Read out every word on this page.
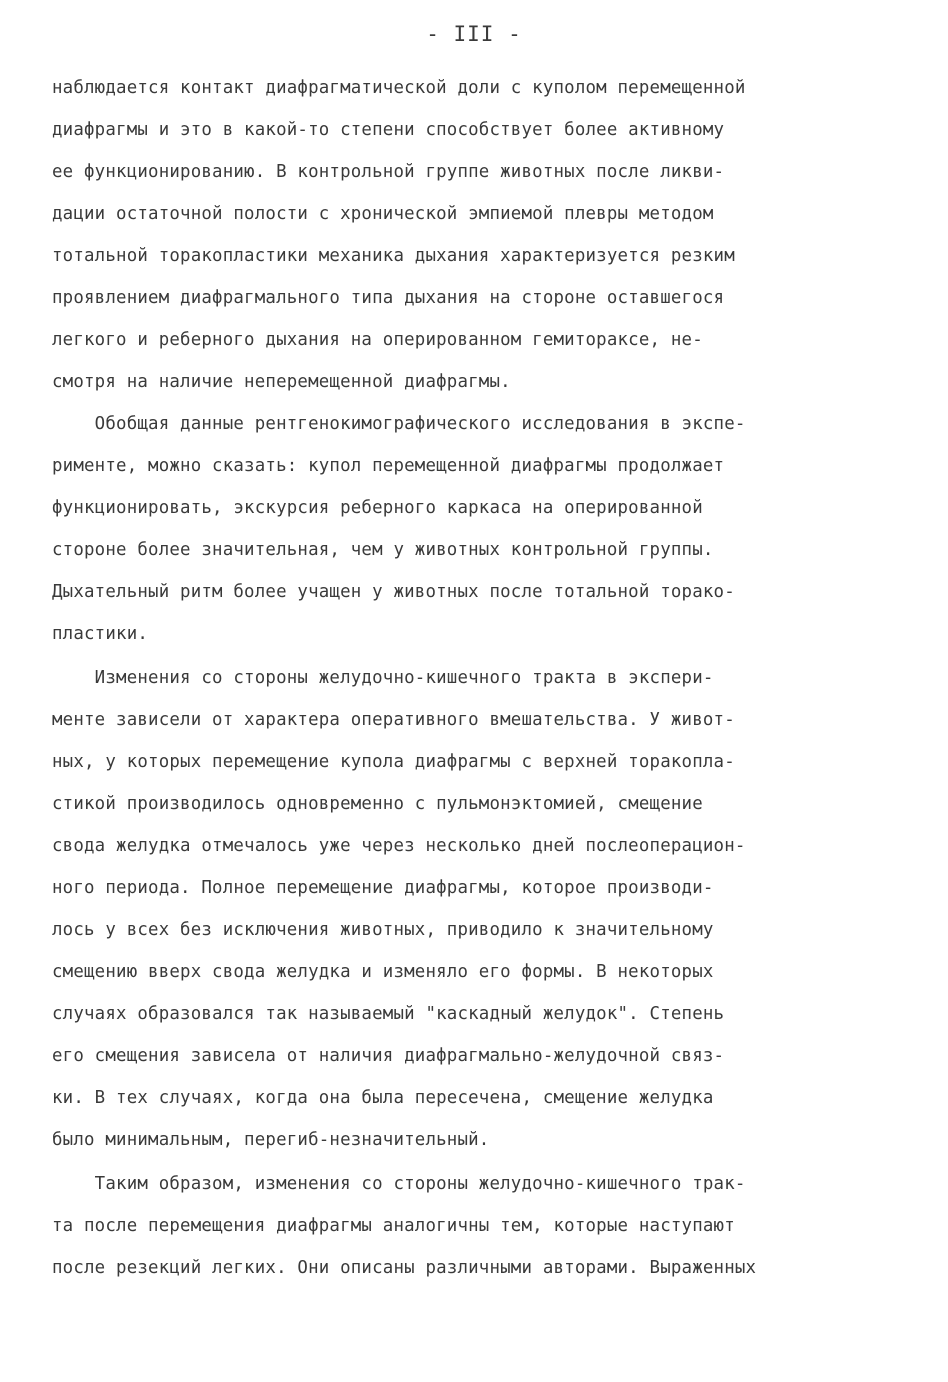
- III -
наблюдается контакт диафрагматической доли с куполом перемещенной
диафрагмы и это в какой-то степени способствует более активному
ее функционированию. В контрольной группе животных после ликви-
дации остаточной полости с хронической эмпиемой плевры методом
тотальной торакопластики механика дыхания характеризуется резким
проявлением диафрагмального типа дыхания на стороне оставшегося
легкого и реберного дыхания на оперированном гемитораксе, не-
смотря на наличие неперемещенной диафрагмы.
Обобщая данные рентгенокимографического исследования в экспе-
рименте, можно сказать: купол перемещенной диафрагмы продолжает
функционировать, экскурсия реберного каркаса на оперированной
стороне более значительная, чем у животных контрольной группы.
Дыхательный ритм более учащен у животных после тотальной торако-
пластики.
Изменения со стороны желудочно-кишечного тракта в экспери-
менте зависели от характера оперативного вмешательства. У живот-
ных, у которых перемещение купола диафрагмы с верхней торакопла-
стикой производилось одновременно с пульмонэктомией, смещение
свода желудка отмечалось уже через несколько дней послеоперацион-
ного периода. Полное перемещение диафрагмы, которое производи-
лось у всех без исключения животных, приводило к значительному
смещению вверх свода желудка и изменяло его формы. В некоторых
случаях образовался так называемый "каскадный желудок". Степень
его смещения зависела от наличия диафрагмально-желудочной связ-
ки. В тех случаях, когда она была пересечена, смещение желудка
было минимальным, перегиб-незначительный.
Таким образом, изменения со стороны желудочно-кишечного трак-
та после перемещения диафрагмы аналогичны тем, которые наступают
после резекций легких. Они описаны различными авторами. Выраженных
